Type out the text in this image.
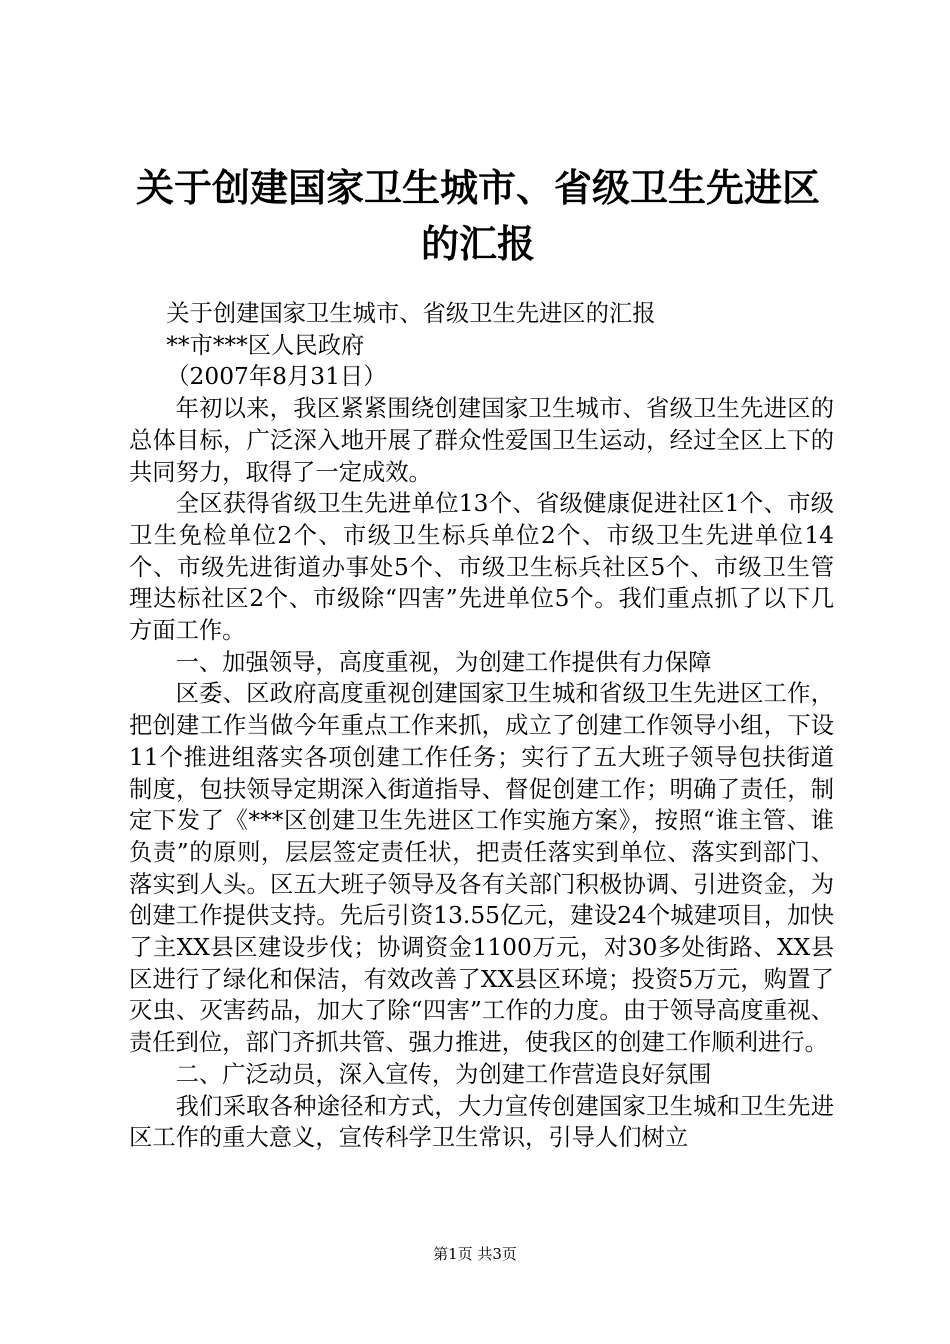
关于创建国家卫生城市、省级卫生先进区的汇报

关于创建国家卫生城市、省级卫生先进区的汇报

**市***区人民政府

（2007年8月31日）

年初以来，我区紧紧围绕创建国家卫生城市、省级卫生先进区的总体目标，广泛深入地开展了群众性爱国卫生运动，经过全区上下的共同努力，取得了一定成效。

全区获得省级卫生先进单位13个、省级健康促进社区1个、市级卫生免检单位2个、市级卫生标兵单位2个、市级卫生先进单位14个、市级先进街道办事处5个、市级卫生标兵社区5个、市级卫生管理达标社区2个、市级除“四害”先进单位5个。我们重点抓了以下几方面工作。

一、加强领导，高度重视，为创建工作提供有力保障

区委、区政府高度重视创建国家卫生城和省级卫生先进区工作，把创建工作当做今年重点工作来抓，成立了创建工作领导小组，下设11个推进组落实各项创建工作任务；实行了五大班子领导包扶街道制度，包扶领导定期深入街道指导、督促创建工作；明确了责任，制定下发了《***区创建卫生先进区工作实施方案》，按照“谁主管、谁负责”的原则，层层签定责任状，把责任落实到单位、落实到部门、落实到人头。区五大班子领导及各有关部门积极协调、引进资金，为创建工作提供支持。先后引资13.55亿元，建设24个城建项目，加快了主XX县区建设步伐；协调资金1100万元，对30多处街路、XX县区进行了绿化和保洁，有效改善了XX县区环境；投资5万元，购置了灭虫、灭害药品，加大了除“四害”工作的力度。由于领导高度重视、责任到位，部门齐抓共管、强力推进，使我区的创建工作顺利进行。

二、广泛动员，深入宣传，为创建工作营造良好氛围

我们采取各种途径和方式，大力宣传创建国家卫生城和卫生先进区工作的重大意义，宣传科学卫生常识，引导人们树立

第1页 共3页
